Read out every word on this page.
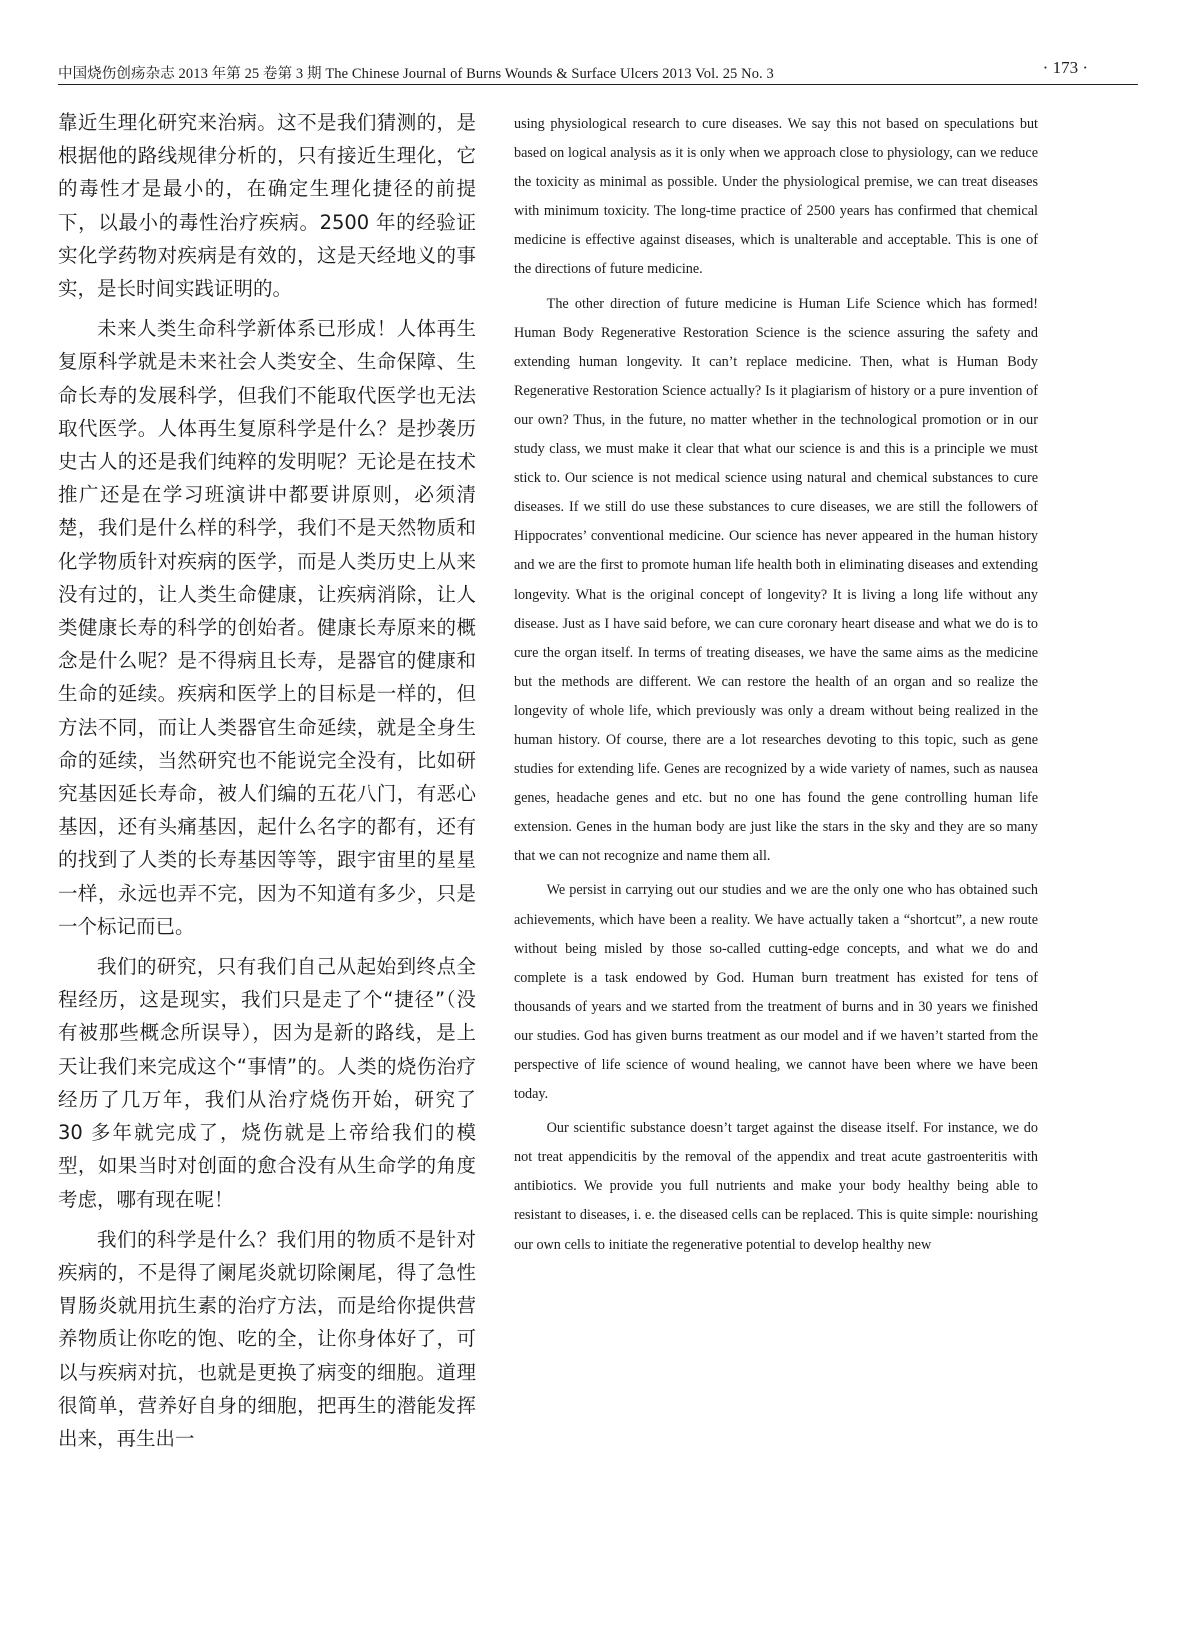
中国烧伤创疡杂志 2013 年第 25 卷第 3 期 The Chinese Journal of Burns Wounds & Surface Ulcers 2013 Vol. 25 No. 3	· 173 ·

靠近生理化研究来治病。这不是我们猜测的，是根据他的路线规律分析的，只有接近生理化，它的毒性才是最小的，在确定生理化捷径的前提下，以最小的毒性治疗疾病。2500 年的经验证实化学药物对疾病是有效的，这是天经地义的事实，是长时间实践证明的。

未来人类生命科学新体系已形成！人体再生复原科学就是未来社会人类安全、生命保障、生命长寿的发展科学，但我们不能取代医学也无法取代医学。人体再生复原科学是什么？是抄袭历史古人的还是我们纯粹的发明呢？无论是在技术推广还是在学习班演讲中都要讲原则，必须清楚，我们是什么样的科学，我们不是天然物质和化学物质针对疾病的医学，而是人类历史上从来没有过的，让人类生命健康，让疾病消除，让人类健康长寿的科学的创始者。健康长寿原来的概念是什么呢？是不得病且长寿，是器官的健康和生命的延续。疾病和医学上的目标是一样的，但方法不同，而让人类器官生命延续，就是全身生命的延续，当然研究也不能说完全没有，比如研究基因延长寿命，被人们编的五花八门，有恶心基因，还有头痛基因，起什么名字的都有，还有的找到了人类的长寿基因等等，跟宇宙里的星星一样，永远也弄不完，因为不知道有多少，只是一个标记而已。

我们的研究，只有我们自己从起始到终点全程经历，这是现实，我们只是走了个“捷径”（没有被那些概念所误导），因为是新的路线，是上天让我们来完成这个“事情”的。人类的烧伤治疗经历了几万年，我们从治疗烧伤开始，研究了 30 多年就完成了，烧伤就是上帝给我们的模型，如果当时对创面的愈合没有从生命学的角度考虑，哪有现在呢！

我们的科学是什么？我们用的物质不是针对疾病的，不是得了阑尾炎就切除阑尾，得了急性胃肠炎就用抗生素的治疗方法，而是给你提供营养物质让你吃的饱、吃的全，让你身体好了，可以与疾病对抗，也就是更换了病变的细胞。道理很简单，营养好自身的细胞，把再生的潜能发挥出来，再生出一

using physiological research to cure diseases. We say this not based on speculations but based on logical analysis as it is only when we approach close to physiology, can we reduce the toxicity as minimal as possible. Under the physiological premise, we can treat diseases with minimum toxicity. The long-time practice of 2500 years has confirmed that chemical medicine is effective against diseases, which is unalterable and acceptable. This is one of the directions of future medicine.

The other direction of future medicine is Human Life Science which has formed! Human Body Regenerative Restoration Science is the science assuring the safety and extending human longevity. It can’t replace medicine. Then, what is Human Body Regenerative Restoration Science actually? Is it plagiarism of history or a pure invention of our own? Thus, in the future, no matter whether in the technological promotion or in our study class, we must make it clear that what our science is and this is a principle we must stick to. Our science is not medical science using natural and chemical substances to cure diseases. If we still do use these substances to cure diseases, we are still the followers of Hippocrates’ conventional medicine. Our science has never appeared in the human history and we are the first to promote human life health both in eliminating diseases and extending longevity. What is the original concept of longevity? It is living a long life without any disease. Just as I have said before, we can cure coronary heart disease and what we do is to cure the organ itself. In terms of treating diseases, we have the same aims as the medicine but the methods are different. We can restore the health of an organ and so realize the longevity of whole life, which previously was only a dream without being realized in the human history. Of course, there are a lot researches devoting to this topic, such as gene studies for extending life. Genes are recognized by a wide variety of names, such as nausea genes, headache genes and etc. but no one has found the gene controlling human life extension. Genes in the human body are just like the stars in the sky and they are so many that we can not recognize and name them all.

We persist in carrying out our studies and we are the only one who has obtained such achievements, which have been a reality. We have actually taken a “shortcut”, a new route without being misled by those so-called cutting-edge concepts, and what we do and complete is a task endowed by God. Human burn treatment has existed for tens of thousands of years and we started from the treatment of burns and in 30 years we finished our studies. God has given burns treatment as our model and if we haven’t started from the perspective of life science of wound healing, we cannot have been where we have been today.

Our scientific substance doesn’t target against the disease itself. For instance, we do not treat appendicitis by the removal of the appendix and treat acute gastroenteritis with antibiotics. We provide you full nutrients and make your body healthy being able to resistant to diseases, i. e. the diseased cells can be replaced. This is quite simple: nourishing our own cells to initiate the regenerative potential to develop healthy new
